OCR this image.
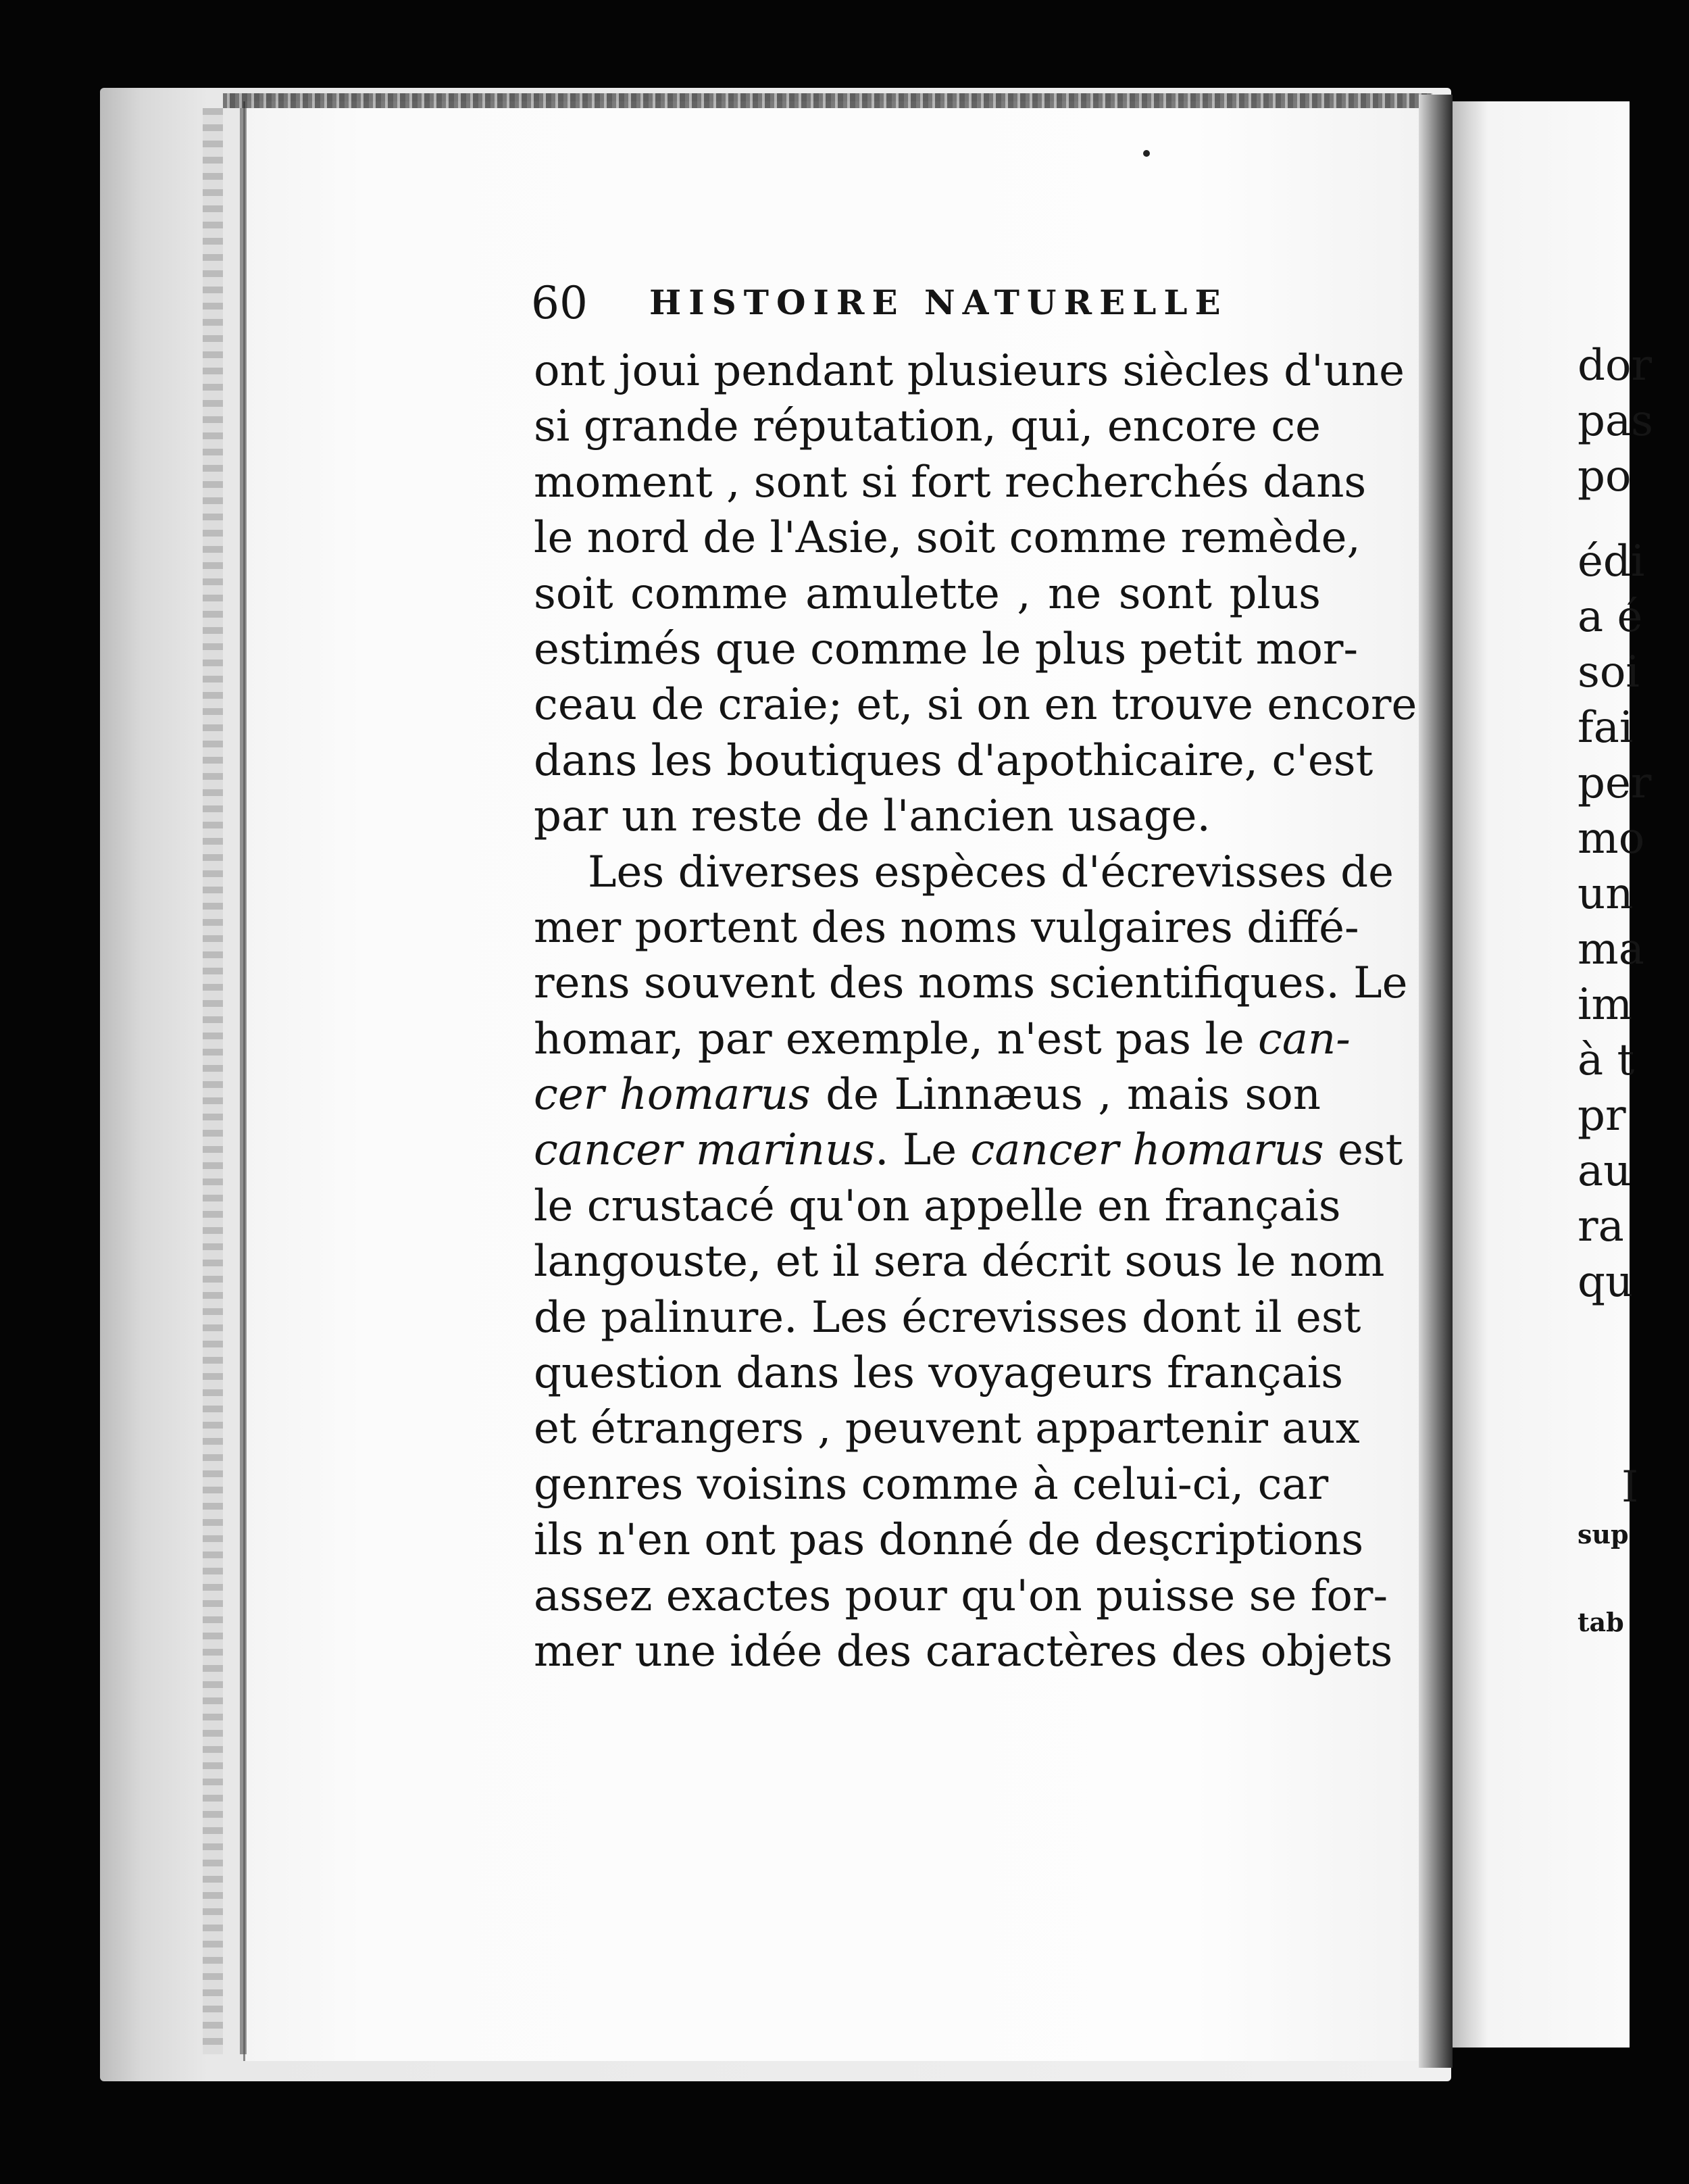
60 HISTOIRE NATURELLE
ont joui pendant plusieurs siècles d'une
si grande réputation, qui, encore ce
moment , sont si fort recherchés dans
le nord de l'Asie, soit comme remède,
soit comme amulette , ne sont plus
estimés que comme le plus petit mor-
ceau de craie; et, si on en trouve encore
dans les boutiques d'apothicaire, c'est
par un reste de l'ancien usage.
Les diverses espèces d'écrevisses de
mer portent des noms vulgaires diffé-
rens souvent des noms scientifiques. Le
homar, par exemple, n'est pas le can-
cer homarus de Linnæus , mais son
cancer marinus. Le cancer homarus est
le crustacé qu'on appelle en français
langouste, et il sera décrit sous le nom
de palinure. Les écrevisses dont il est
question dans les voyageurs français
et étrangers , peuvent appartenir aux
genres voisins comme à celui-ci, car
ils n'en ont pas donné de descriptions
assez exactes pour qu'on puisse se for-
mer une idée des caractères des objets
dor
pas
po
édi
a é
soi
fai
per
mo
un
ma
im
à t
pr
au
ra
qu
I
sup
tab
